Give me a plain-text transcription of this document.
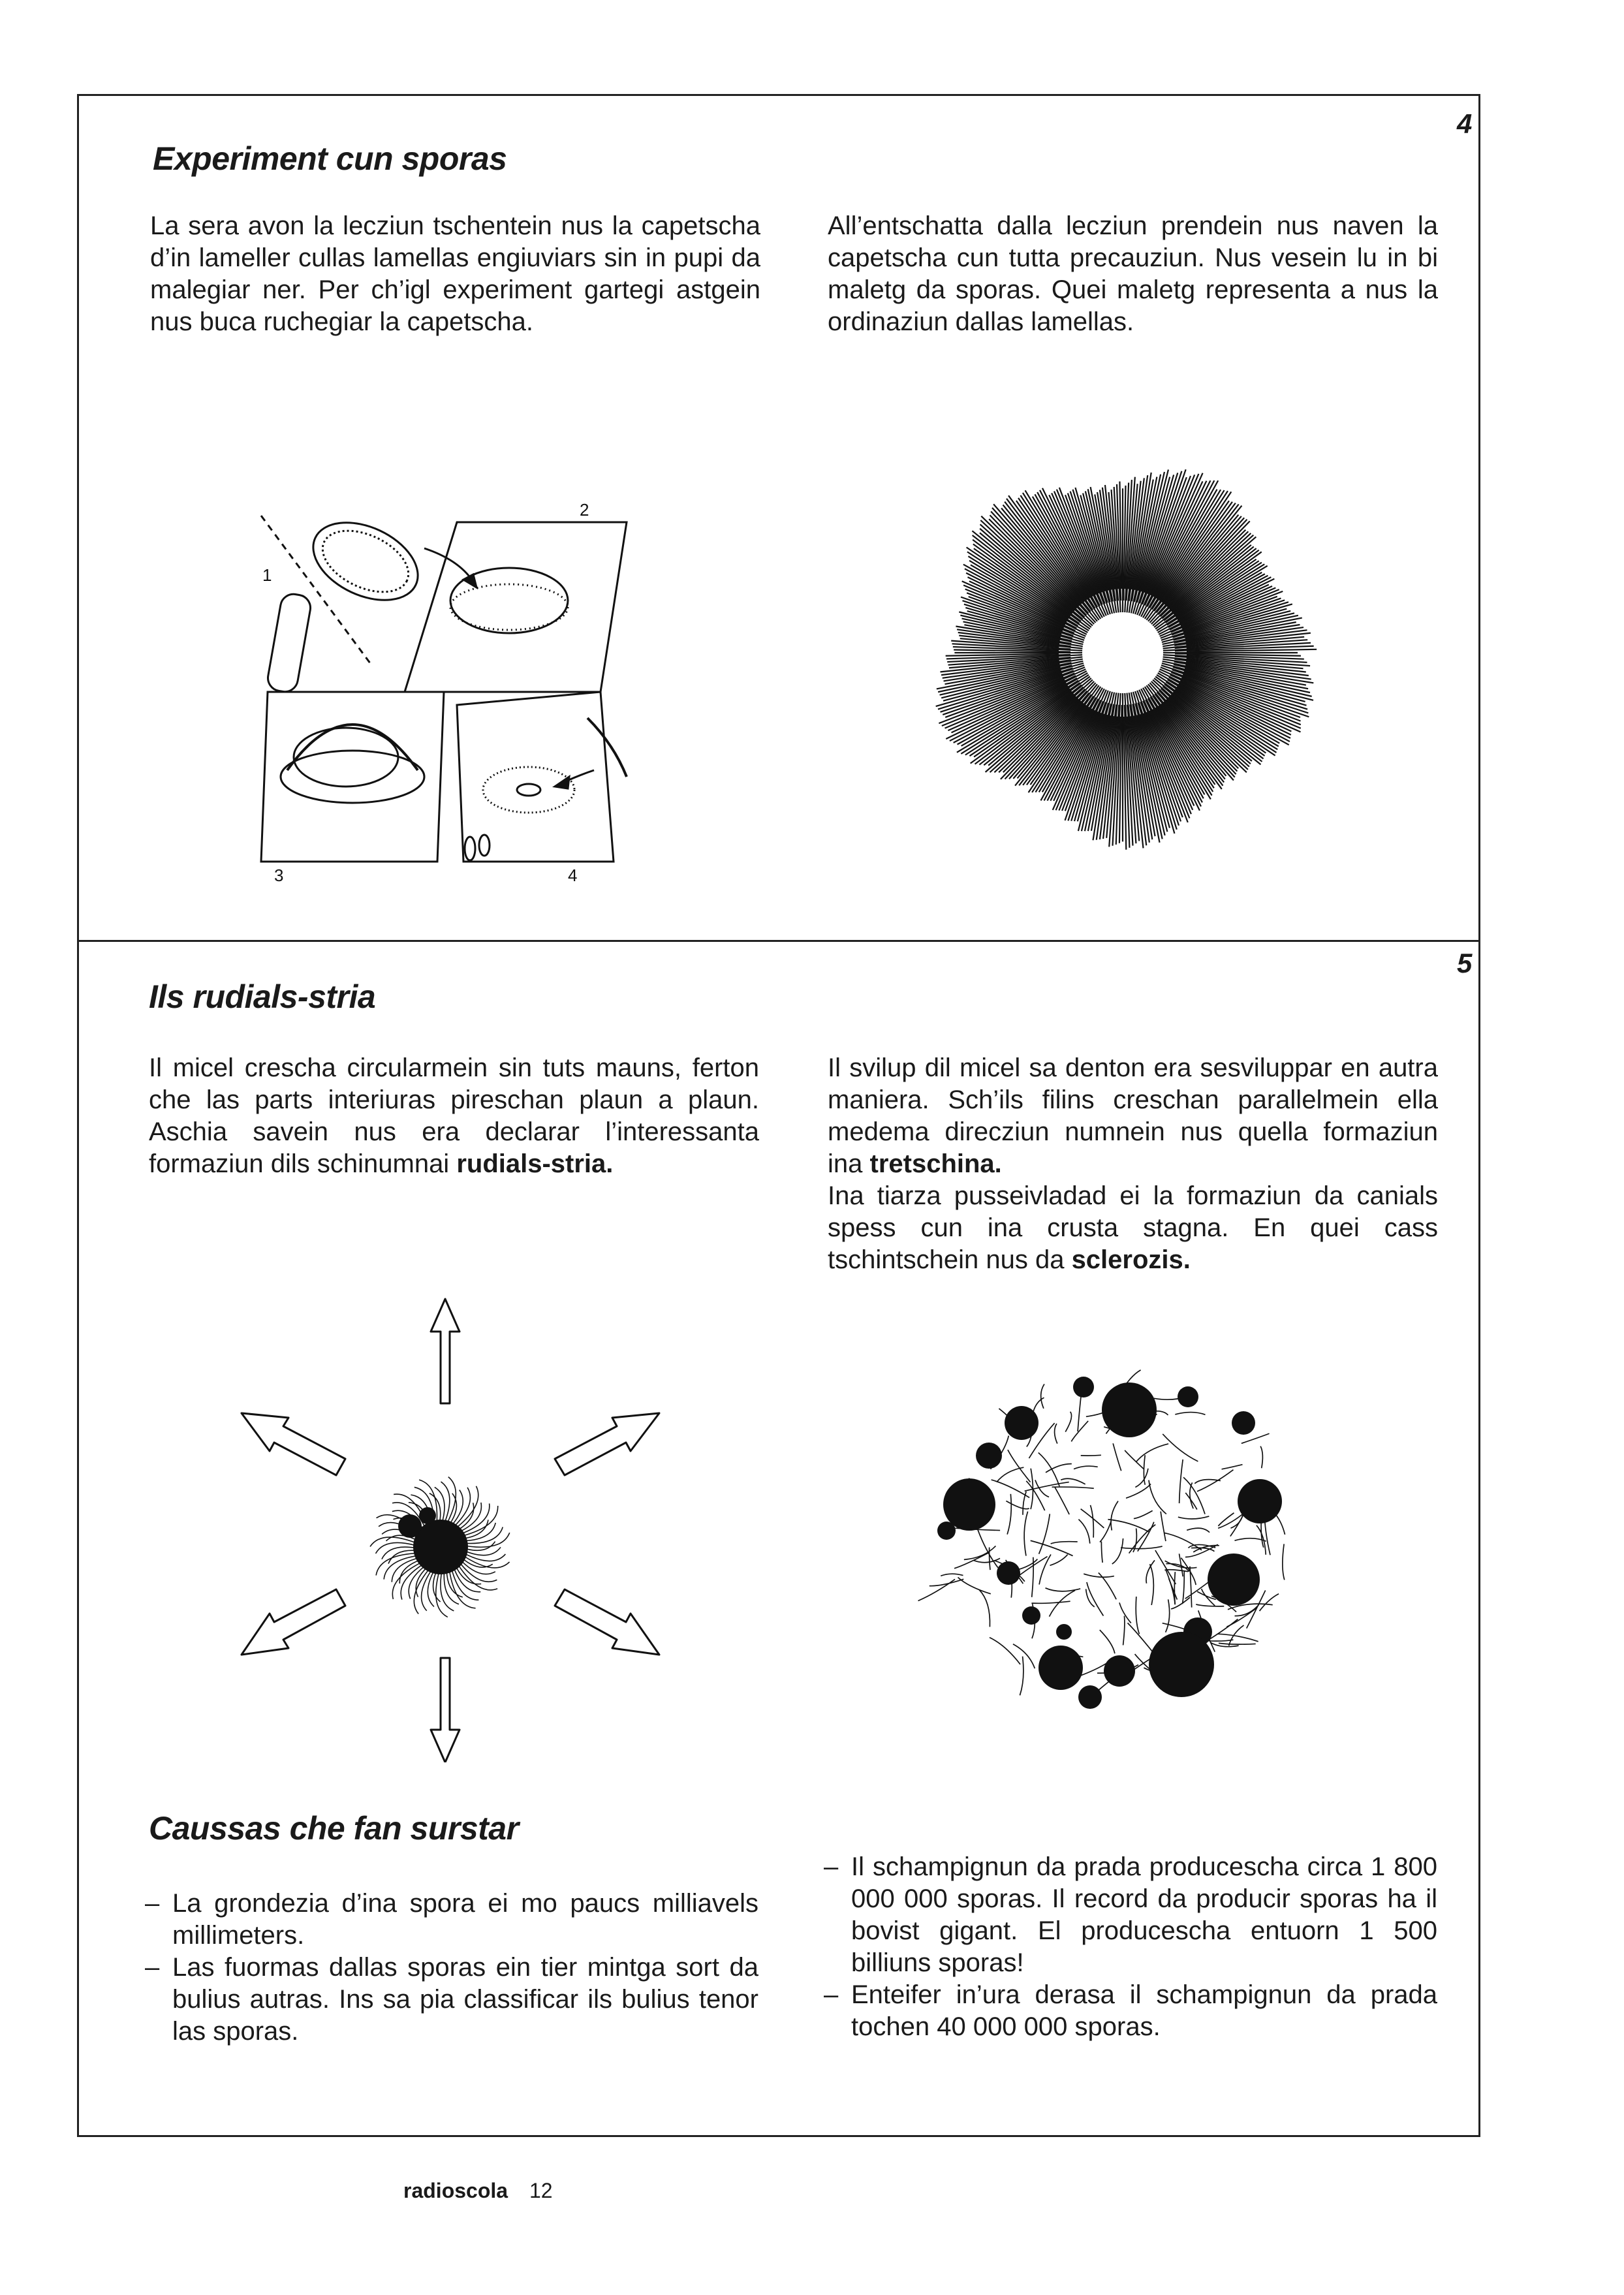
4
Experiment cun sporas

La sera avon la lecziun tschentein nus la capetscha d’in lameller cullas lamellas engiuviars sin in pupi da malegiar ner. Per ch’igl experiment gartegi astgein nus buca ruchegiar la capetscha.

All’entschatta dalla lecziun prendein nus naven la capetscha cun tutta precauziun. Nus vesein lu in bi maletg da sporas. Quei maletg representa a nus la ordinaziun dallas lamellas.

1
2
3	4
5
Ils rudials-stria

Il micel crescha circularmein sin tuts mauns, ferton che las parts interiuras pireschan plaun a plaun. Aschia savein nus era declarar l’interessanta formaziun dils schinumnai rudials-stria.

Il svilup dil micel sa denton era sesviluppar en autra maniera. Sch’ils filins creschan parallelmein ella medema direcziun numnein nus quella formaziun ina tretschina.

Ina tiarza pusseivladad ei la formaziun da canials spess cun ina crusta stagna. En quei cass tschintschein nus da sclerozis.

Caussas che fan surstar
– La grondezia d’ina spora ei mo paucs milliavels millimeters.
– Las fuormas dallas sporas ein tier mintga sort da bulius autras. Ins sa pia classificar ils bulius tenor las sporas.
– Il schampignun da prada producescha circa 1 800 000 000 sporas. Il record da producir sporas ha il bovist gigant. El producescha entuorn 1 500 billiuns sporas!
– Enteifer in’ura derasa il schampignun da prada tochen 40 000 000 sporas.
radioscola 12
